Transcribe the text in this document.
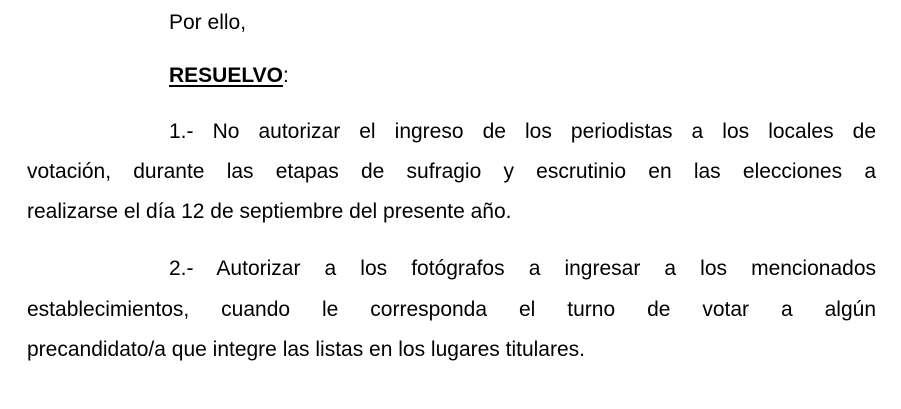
Por ello,
RESUELVO:
1.- No autorizar el ingreso de los periodistas a los locales de
votación, durante las etapas de sufragio y escrutinio en las elecciones a
realizarse el día 12 de septiembre del presente año.
2.- Autorizar a los fotógrafos a ingresar a los mencionados
establecimientos, cuando le corresponda el turno de votar a algún
precandidato/a que integre las listas en los lugares titulares.
